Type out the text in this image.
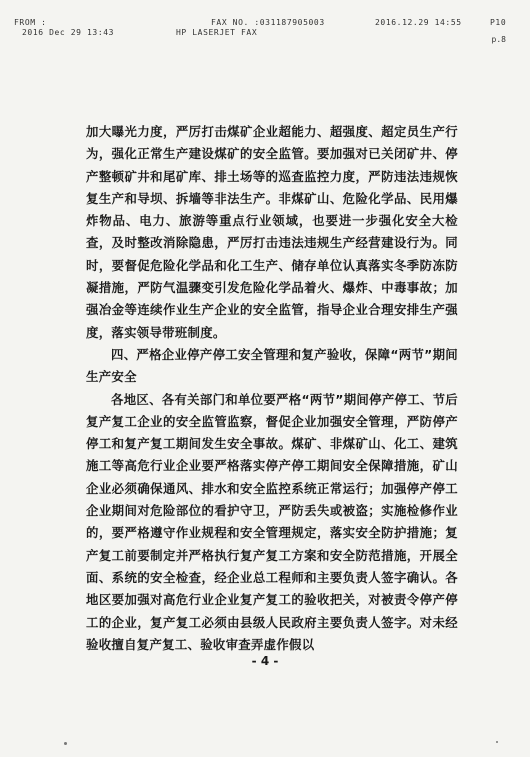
FROM :	FAX NO. :031187905003	2016.12.29 14:55	P10
2016 Dec 29 13:43	HP LASERJET FAX
p.8

加大曝光力度，严厉打击煤矿企业超能力、超强度、超定员生产行为，强化正常生产建设煤矿的安全监管。要加强对已关闭矿井、停产整顿矿井和尾矿库、排土场等的巡查监控力度，严防违法违规恢复生产和导坝、拆墙等非法生产。非煤矿山、危险化学品、民用爆炸物品、电力、旅游等重点行业领域，也要进一步强化安全大检查，及时整改消除隐患，严厉打击违法违规生产经营建设行为。同时，要督促危险化学品和化工生产、储存单位认真落实冬季防冻防凝措施，严防气温骤变引发危险化学品着火、爆炸、中毒事故；加强冶金等连续作业生产企业的安全监管，指导企业合理安排生产强度，落实领导带班制度。

四、严格企业停产停工安全管理和复产验收，保障“两节”期间生产安全

各地区、各有关部门和单位要严格“两节”期间停产停工、节后复产复工企业的安全监管监察，督促企业加强安全管理，严防停产停工和复产复工期间发生安全事故。煤矿、非煤矿山、化工、建筑施工等高危行业企业要严格落实停产停工期间安全保障措施，矿山企业必须确保通风、排水和安全监控系统正常运行；加强停产停工企业期间对危险部位的看护守卫，严防丢失或被盗；实施检修作业的，要严格遵守作业规程和安全管理规定，落实安全防护措施；复产复工前要制定并严格执行复产复工方案和安全防范措施，开展全面、系统的安全检查，经企业总工程师和主要负责人签字确认。各地区要加强对高危行业企业复产复工的验收把关，对被责令停产停工的企业，复产复工必须由县级人民政府主要负责人签字。对未经验收擅自复产复工、验收审查弄虚作假以

- 4 -
